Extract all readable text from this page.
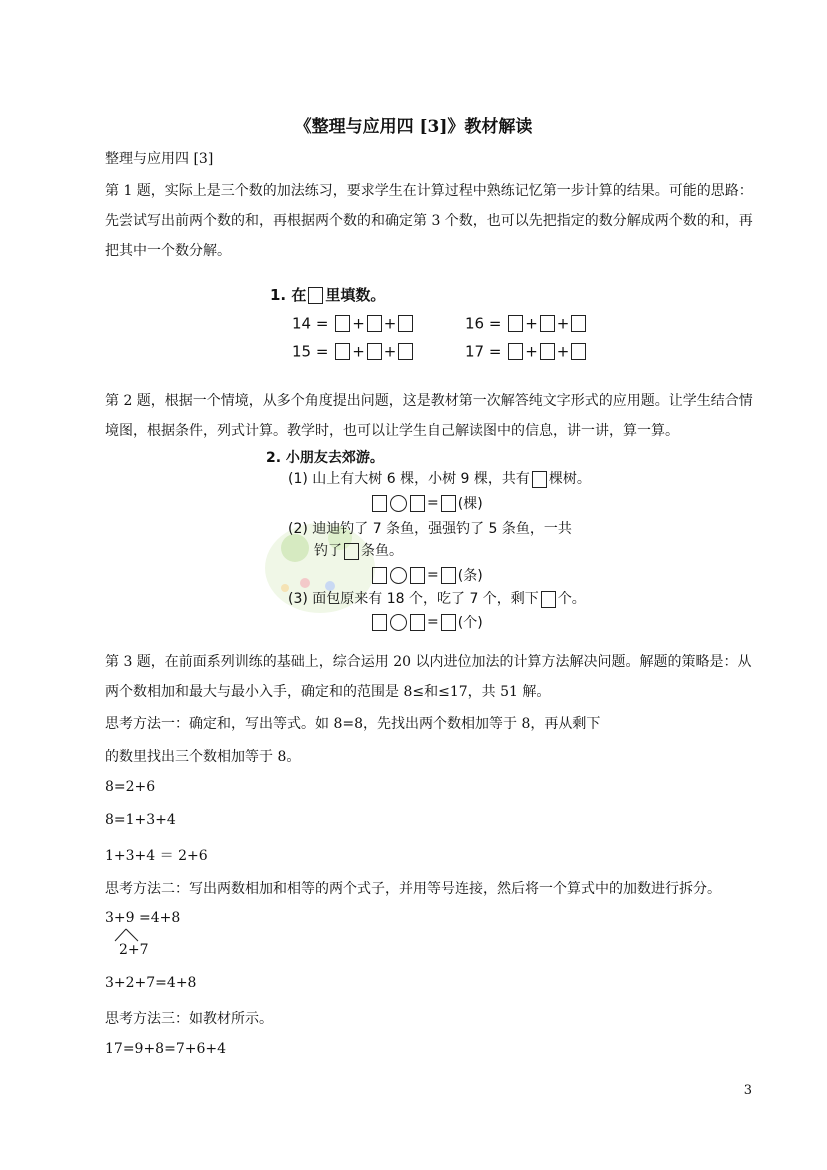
《整理与应用四 [3]》教材解读
整理与应用四 [3]
第 1 题，实际上是三个数的加法练习，要求学生在计算过程中熟练记忆第一步计算的结果。可能的思路：先尝试写出前两个数的和，再根据两个数的和确定第 3 个数，也可以先把指定的数分解成两个数的和，再把其中一个数分解。
1. 在 里填数。
14 = + +	16 = + +
15 = + +	17 = + +
第 2 题，根据一个情境，从多个角度提出问题，这是教材第一次解答纯文字形式的应用题。让学生结合情境图，根据条件，列式计算。教学时，也可以让学生自己解读图中的信息，讲一讲，算一算。
2. 小朋友去郊游。
(1) 山上有大树 6 棵，小树 9 棵，共有 棵树。
= (棵)
(2) 迪迪钓了 7 条鱼，强强钓了 5 条鱼，一共
钓了 条鱼。
= (条)
(3) 面包原来有 18 个，吃了 7 个，剩下 个。
= (个)
第 3 题，在前面系列训练的基础上，综合运用 20 以内进位加法的计算方法解决问题。解题的策略是：从两个数相加和最大与最小入手，确定和的范围是 8≤和≤17，共 51 解。
思考方法一：确定和，写出等式。如 8=8，先找出两个数相加等于 8，再从剩下
的数里找出三个数相加等于 8。
8=2+6
8=1+3+4
1+3+4 ＝ 2+6
思考方法二：写出两数相加和相等的两个式子，并用等号连接，然后将一个算式中的加数进行拆分。
3+9 =4+8
2+7
3+2+7=4+8
思考方法三：如教材所示。
17=9+8=7+6+4
3
